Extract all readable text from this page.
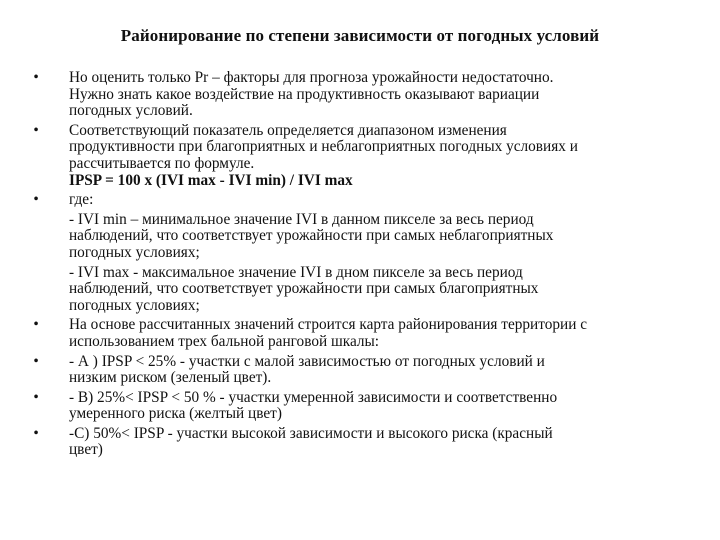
Районирование по степени зависимости от погодных условий
• Но оценить только Pr – факторы для прогноза урожайности недостаточно.
Нужно знать какое воздействие на продуктивность оказывают вариации
погодных условий.
• Соответствующий показатель определяется диапазоном изменения
продуктивности при благоприятных и неблагоприятных погодных условиях и
рассчитывается по формуле.
IPSP = 100 x (IVI max - IVI min) / IVI max
• где:
- IVI min – минимальное значение IVI в данном пикселе за весь период
наблюдений, что соответствует урожайности при самых неблагоприятных
погодных условиях;
- IVI max - максимальное значение IVI в дном пикселе за весь период
наблюдений, что соответствует урожайности при самых благоприятных
погодных условиях;
• На основе рассчитанных значений строится карта районирования территории с
использованием трех бальной ранговой шкалы:
• - А ) IPSP < 25% - участки с малой зависимостью от погодных условий и
низким риском (зеленый цвет).
• - В) 25%< IPSP < 50 % - участки умеренной зависимости и соответственно
умеренного риска (желтый цвет)
• -С) 50%< IPSP - участки высокой зависимости и высокого риска (красный
цвет)
